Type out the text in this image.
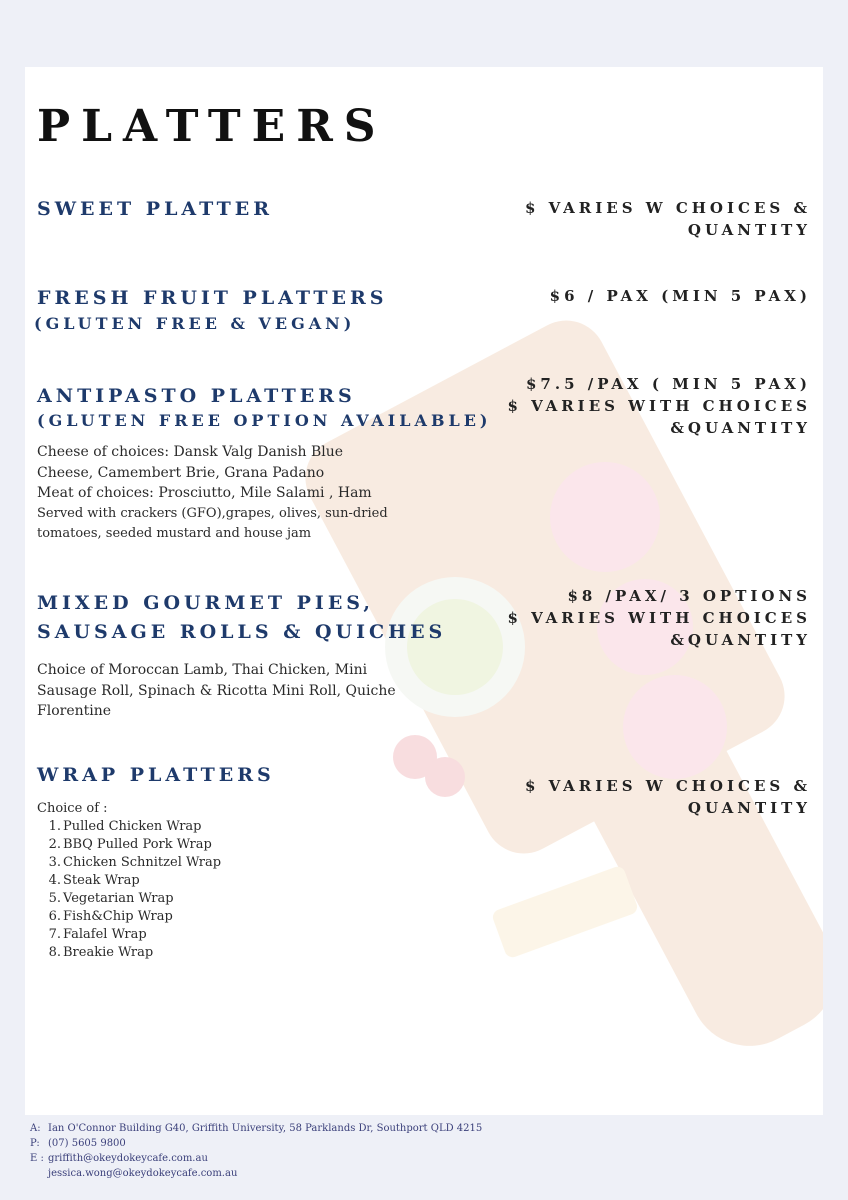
PLATTERS
SWEET PLATTER	$ VARIES W CHOICES &
QUANTITY
FRESH FRUIT PLATTERS
(GLUTEN FREE & VEGAN)
$6 / PAX (MIN 5 PAX)
ANTIPASTO PLATTERS
(GLUTEN FREE OPTION AVAILABLE)
$7.5 /PAX ( MIN 5 PAX)
$ VARIES WITH CHOICES
&QUANTITY
Cheese of choices: Dansk Valg Danish Blue
Cheese, Camembert Brie, Grana Padano
Meat of choices: Prosciutto, Mile Salami , Ham
Served with crackers (GFO),grapes, olives, sun-dried
tomatoes, seeded mustard and house jam
MIXED GOURMET PIES,
SAUSAGE ROLLS & QUICHES
$8 /PAX/ 3 OPTIONS
$ VARIES WITH CHOICES
&QUANTITY
Choice of Moroccan Lamb, Thai Chicken, Mini
Sausage Roll, Spinach & Ricotta Mini Roll, Quiche
Florentine
WRAP PLATTERS	$ VARIES W CHOICES &
QUANTITY
Choice of :
1. Pulled Chicken Wrap
2. BBQ Pulled Pork Wrap
3. Chicken Schnitzel Wrap
4. Steak Wrap
5. Vegetarian Wrap
6. Fish&Chip Wrap
7. Falafel Wrap
8. Breakie Wrap
A: Ian O'Connor Building G40, Griffith University, 58 Parklands Dr, Southport QLD 4215
P: (07) 5605 9800
E : griffith@okeydokeycafe.com.au
jessica.wong@okeydokeycafe.com.au
